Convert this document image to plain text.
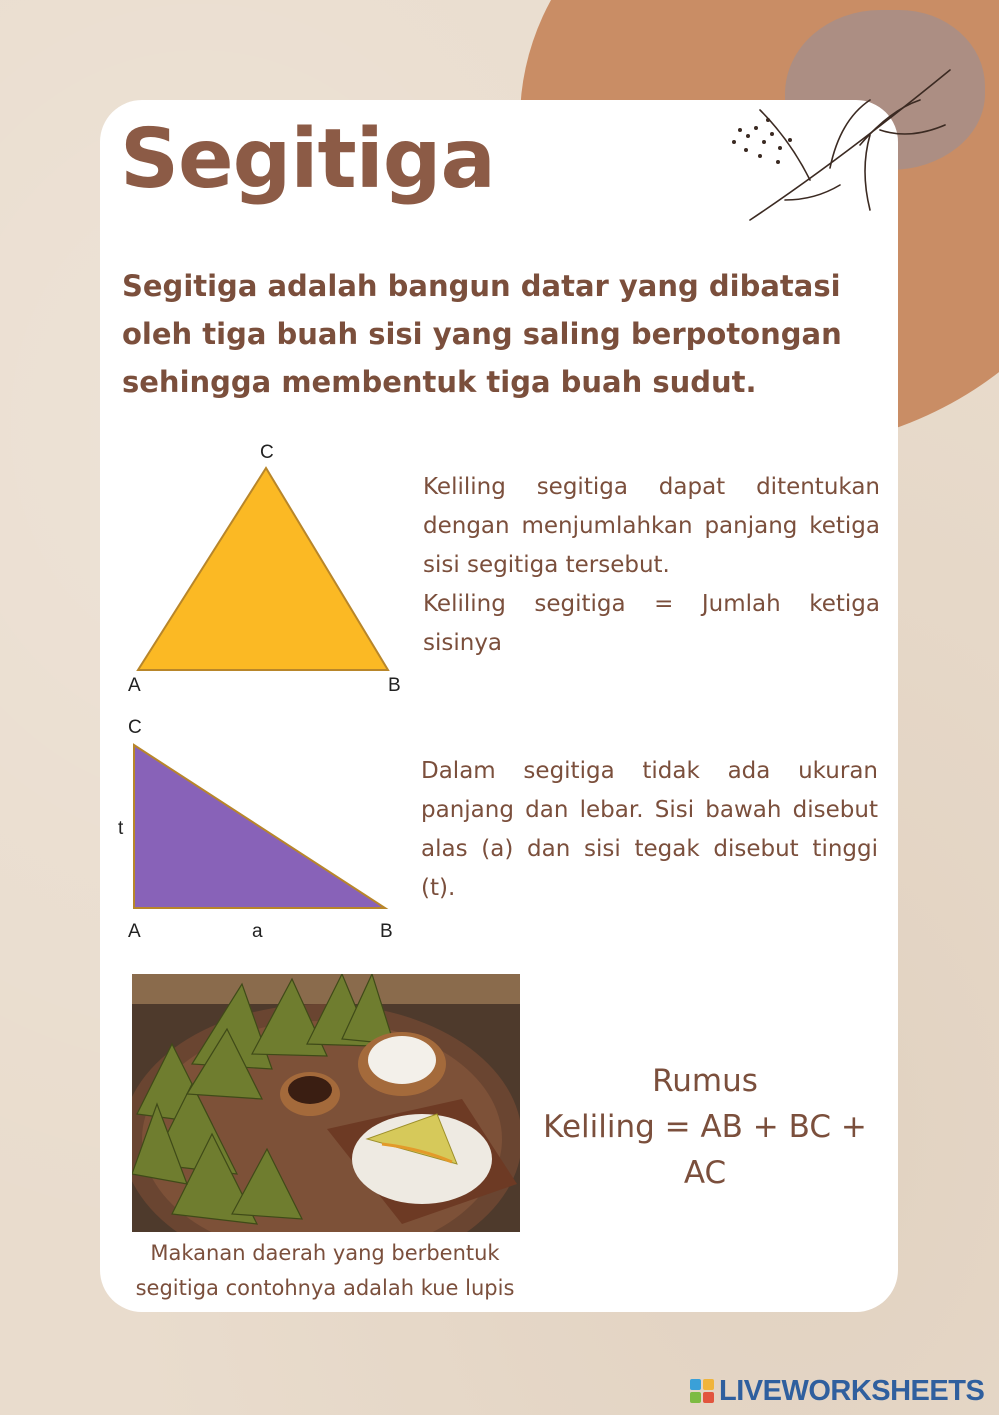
Segitiga

Segitiga adalah bangun datar yang dibatasi oleh tiga buah sisi yang saling berpotongan sehingga membentuk tiga buah sudut.

C
A	B

Keliling segitiga dapat ditentukan dengan menjumlahkan panjang ketiga sisi segitiga tersebut.

Keliling segitiga = Jumlah ketiga sisinya

C
t
A	a	B

Dalam segitiga tidak ada ukuran panjang dan lebar. Sisi bawah disebut alas (a) dan sisi tegak disebut tinggi (t).

Makanan daerah yang berbentuk segitiga contohnya adalah kue lupis

Rumus
Keliling = AB + BC + AC
LIVEWORKSHEETS
